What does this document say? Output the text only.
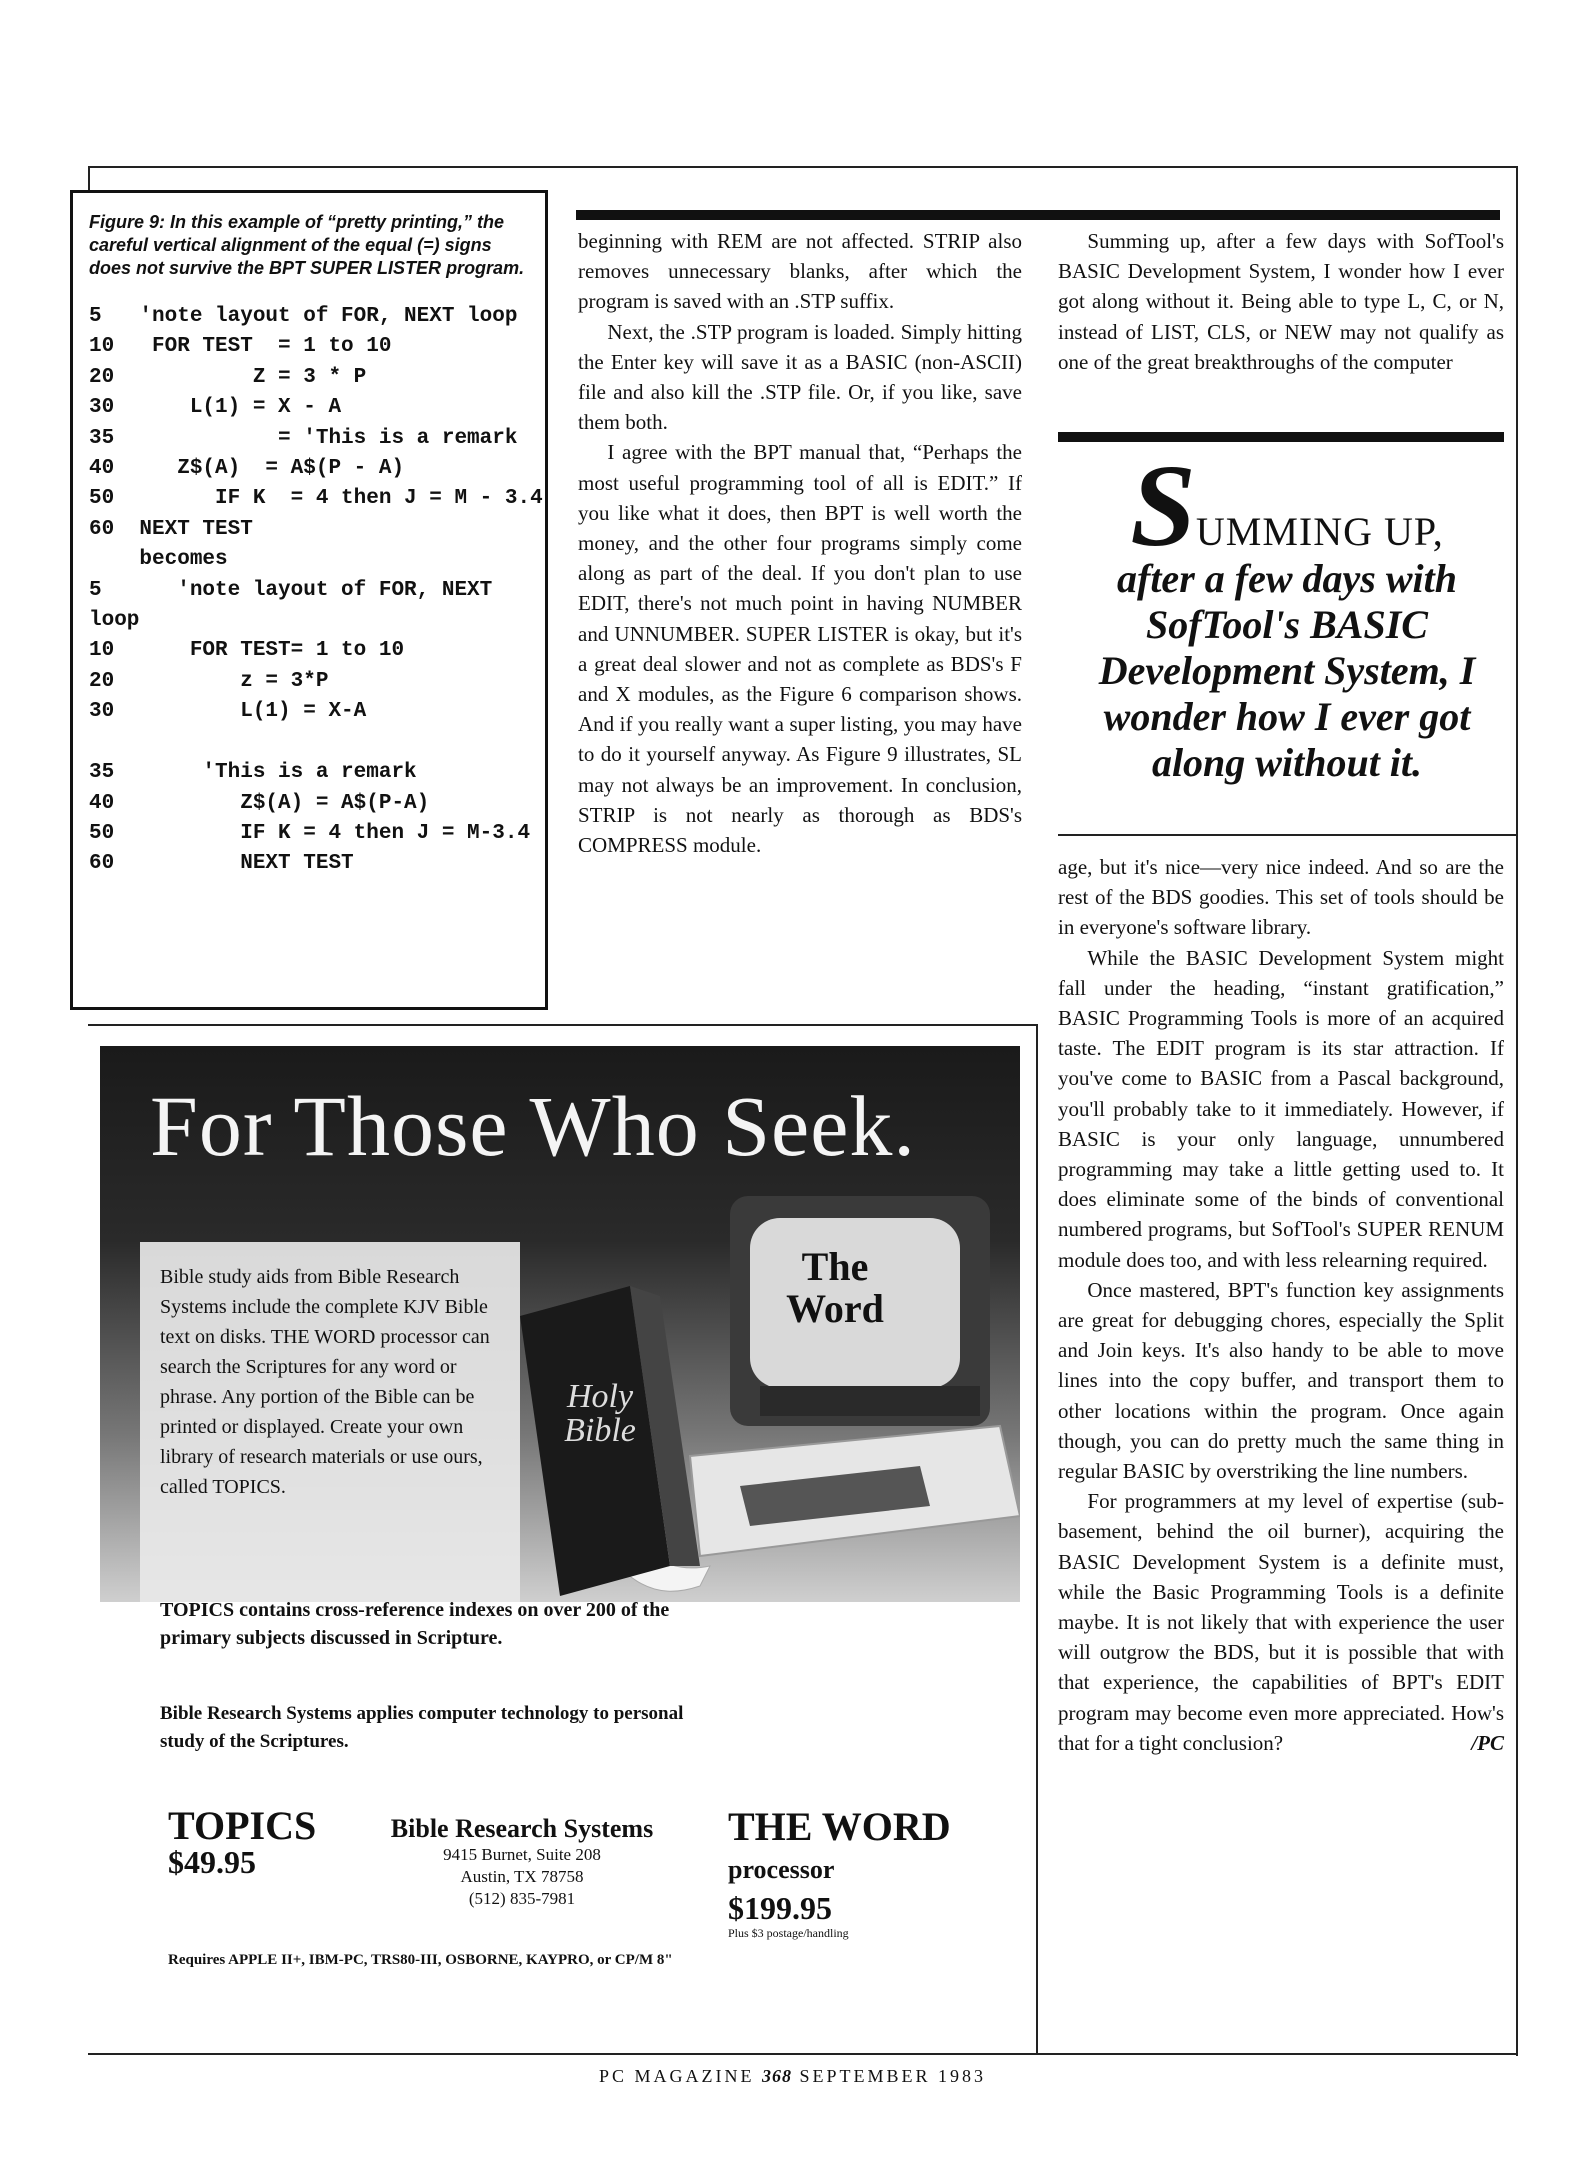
Figure 9: In this example of “pretty printing,” the careful vertical alignment of the equal (=) signs does not survive the BPT SUPER LISTER program.

5   'note layout of FOR, NEXT loop
10   FOR TEST  = 1 to 10
20           Z = 3 * P
30      L(1) = X - A
35             = 'This is a remark
40     Z$(A)  = A$(P - A)
50        IF K  = 4 then J = M - 3.4
60  NEXT TEST
becomes
5      'note layout of FOR, NEXT
loop
10      FOR TEST= 1 to 10
20          z = 3*P
30          L(1) = X-A

35       'This is a remark
40          Z$(A) = A$(P-A)
50          IF K = 4 then J = M-3.4
60          NEXT TEST

beginning with REM are not affected. STRIP also removes unnecessary blanks, after which the program is saved with an .STP suffix.

Next, the .STP program is loaded. Simply hitting the Enter key will save it as a BASIC (non-ASCII) file and also kill the .STP file. Or, if you like, save them both.

I agree with the BPT manual that, “Perhaps the most useful programming tool of all is EDIT.” If you like what it does, then BPT is well worth the money, and the other four programs simply come along as part of the deal. If you don't plan to use EDIT, there's not much point in having NUMBER and UNNUMBER. SUPER LISTER is okay, but it's a great deal slower and not as complete as BDS's F and X modules, as the Figure 6 comparison shows. And if you really want a super listing, you may have to do it yourself anyway. As Figure 9 illustrates, SL may not always be an improvement. In conclusion, STRIP is not nearly as thorough as BDS's COMPRESS module.

Summing up, after a few days with SofTool's BASIC Development System, I wonder how I ever got along without it. Being able to type L, C, or N, instead of LIST, CLS, or NEW may not qualify as one of the great breakthroughs of the computer

SUMMING UP,
after a few days with SofTool's BASIC Development System, I wonder how I ever got along without it.

age, but it's nice—very nice indeed. And so are the rest of the BDS goodies. This set of tools should be in everyone's software library.

While the BASIC Development System might fall under the heading, “instant gratification,” BASIC Programming Tools is more of an acquired taste. The EDIT program is its star attraction. If you've come to BASIC from a Pascal background, you'll probably take to it immediately. However, if BASIC is your only language, unnumbered programming may take a little getting used to. It does eliminate some of the binds of conventional numbered programs, but SofTool's SUPER RENUM module does too, and with less relearning required.

Once mastered, BPT's function key assignments are great for debugging chores, especially the Split and Join keys. It's also handy to be able to move lines into the copy buffer, and transport them to other locations within the program. Once again though, you can do pretty much the same thing in regular BASIC by overstriking the line numbers.

For programmers at my level of expertise (sub-basement, behind the oil burner), acquiring the BASIC Development System is a definite must, while the Basic Programming Tools is a definite maybe. It is not likely that with experience the user will outgrow the BDS, but it is possible that with that experience, the capabilities of BPT's EDIT program may become even more appreciated. How's that for a tight conclusion?	/PC

For Those Who Seek.
Holy Bible
The Word
Bible study aids from Bible Research Systems include the complete KJV Bible text on disks. THE WORD processor can search the Scriptures for any word or phrase. Any portion of the Bible can be printed or displayed. Create your own library of research materials or use ours, called TOPICS.
TOPICS contains cross-reference indexes on over 200 of the primary subjects discussed in Scripture.
Bible Research Systems applies computer technology to personal study of the Scriptures.
TOPICS
$49.95
Bible Research Systems
9415 Burnet, Suite 208
Austin, TX 78758
(512) 835-7981
THE WORD
processor
$199.95
Plus $3 postage/handling
Requires APPLE II+, IBM-PC, TRS80-III, OSBORNE, KAYPRO, or CP/M 8"
PC MAGAZINE 368 SEPTEMBER 1983
